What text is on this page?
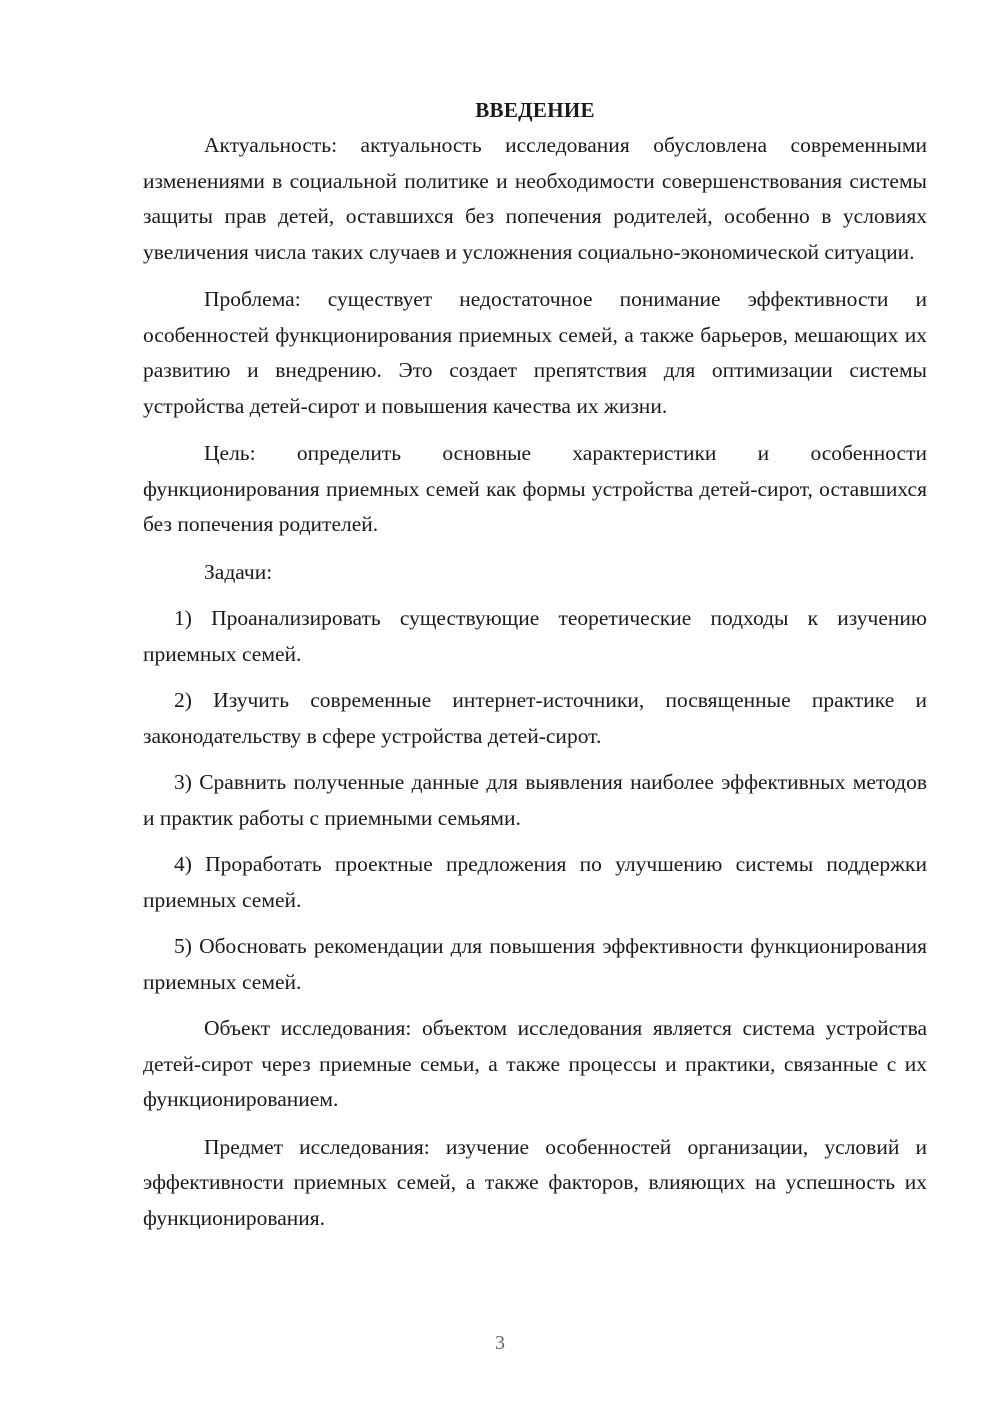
ВВЕДЕНИЕ

Актуальность: актуальность исследования обусловлена современными изменениями в социальной политике и необходимости совершенствования системы защиты прав детей, оставшихся без попечения родителей, особенно в условиях увеличения числа таких случаев и усложнения социально-экономической ситуации.

Проблема: существует недостаточное понимание эффективности и особенностей функционирования приемных семей, а также барьеров, мешающих их развитию и внедрению. Это создает препятствия для оптимизации системы устройства детей-сирот и повышения качества их жизни.

Цель: определить основные характеристики и особенности функционирования приемных семей как формы устройства детей-сирот, оставшихся без попечения родителей.

Задачи:

1) Проанализировать существующие теоретические подходы к изучению приемных семей.

2) Изучить современные интернет-источники, посвященные практике и законодательству в сфере устройства детей-сирот.

3) Сравнить полученные данные для выявления наиболее эффективных методов и практик работы с приемными семьями.

4) Проработать проектные предложения по улучшению системы поддержки приемных семей.

5) Обосновать рекомендации для повышения эффективности функционирования приемных семей.

Объект исследования: объектом исследования является система устройства детей-сирот через приемные семьи, а также процессы и практики, связанные с их функционированием.

Предмет исследования: изучение особенностей организации, условий и эффективности приемных семей, а также факторов, влияющих на успешность их функционирования.

3
